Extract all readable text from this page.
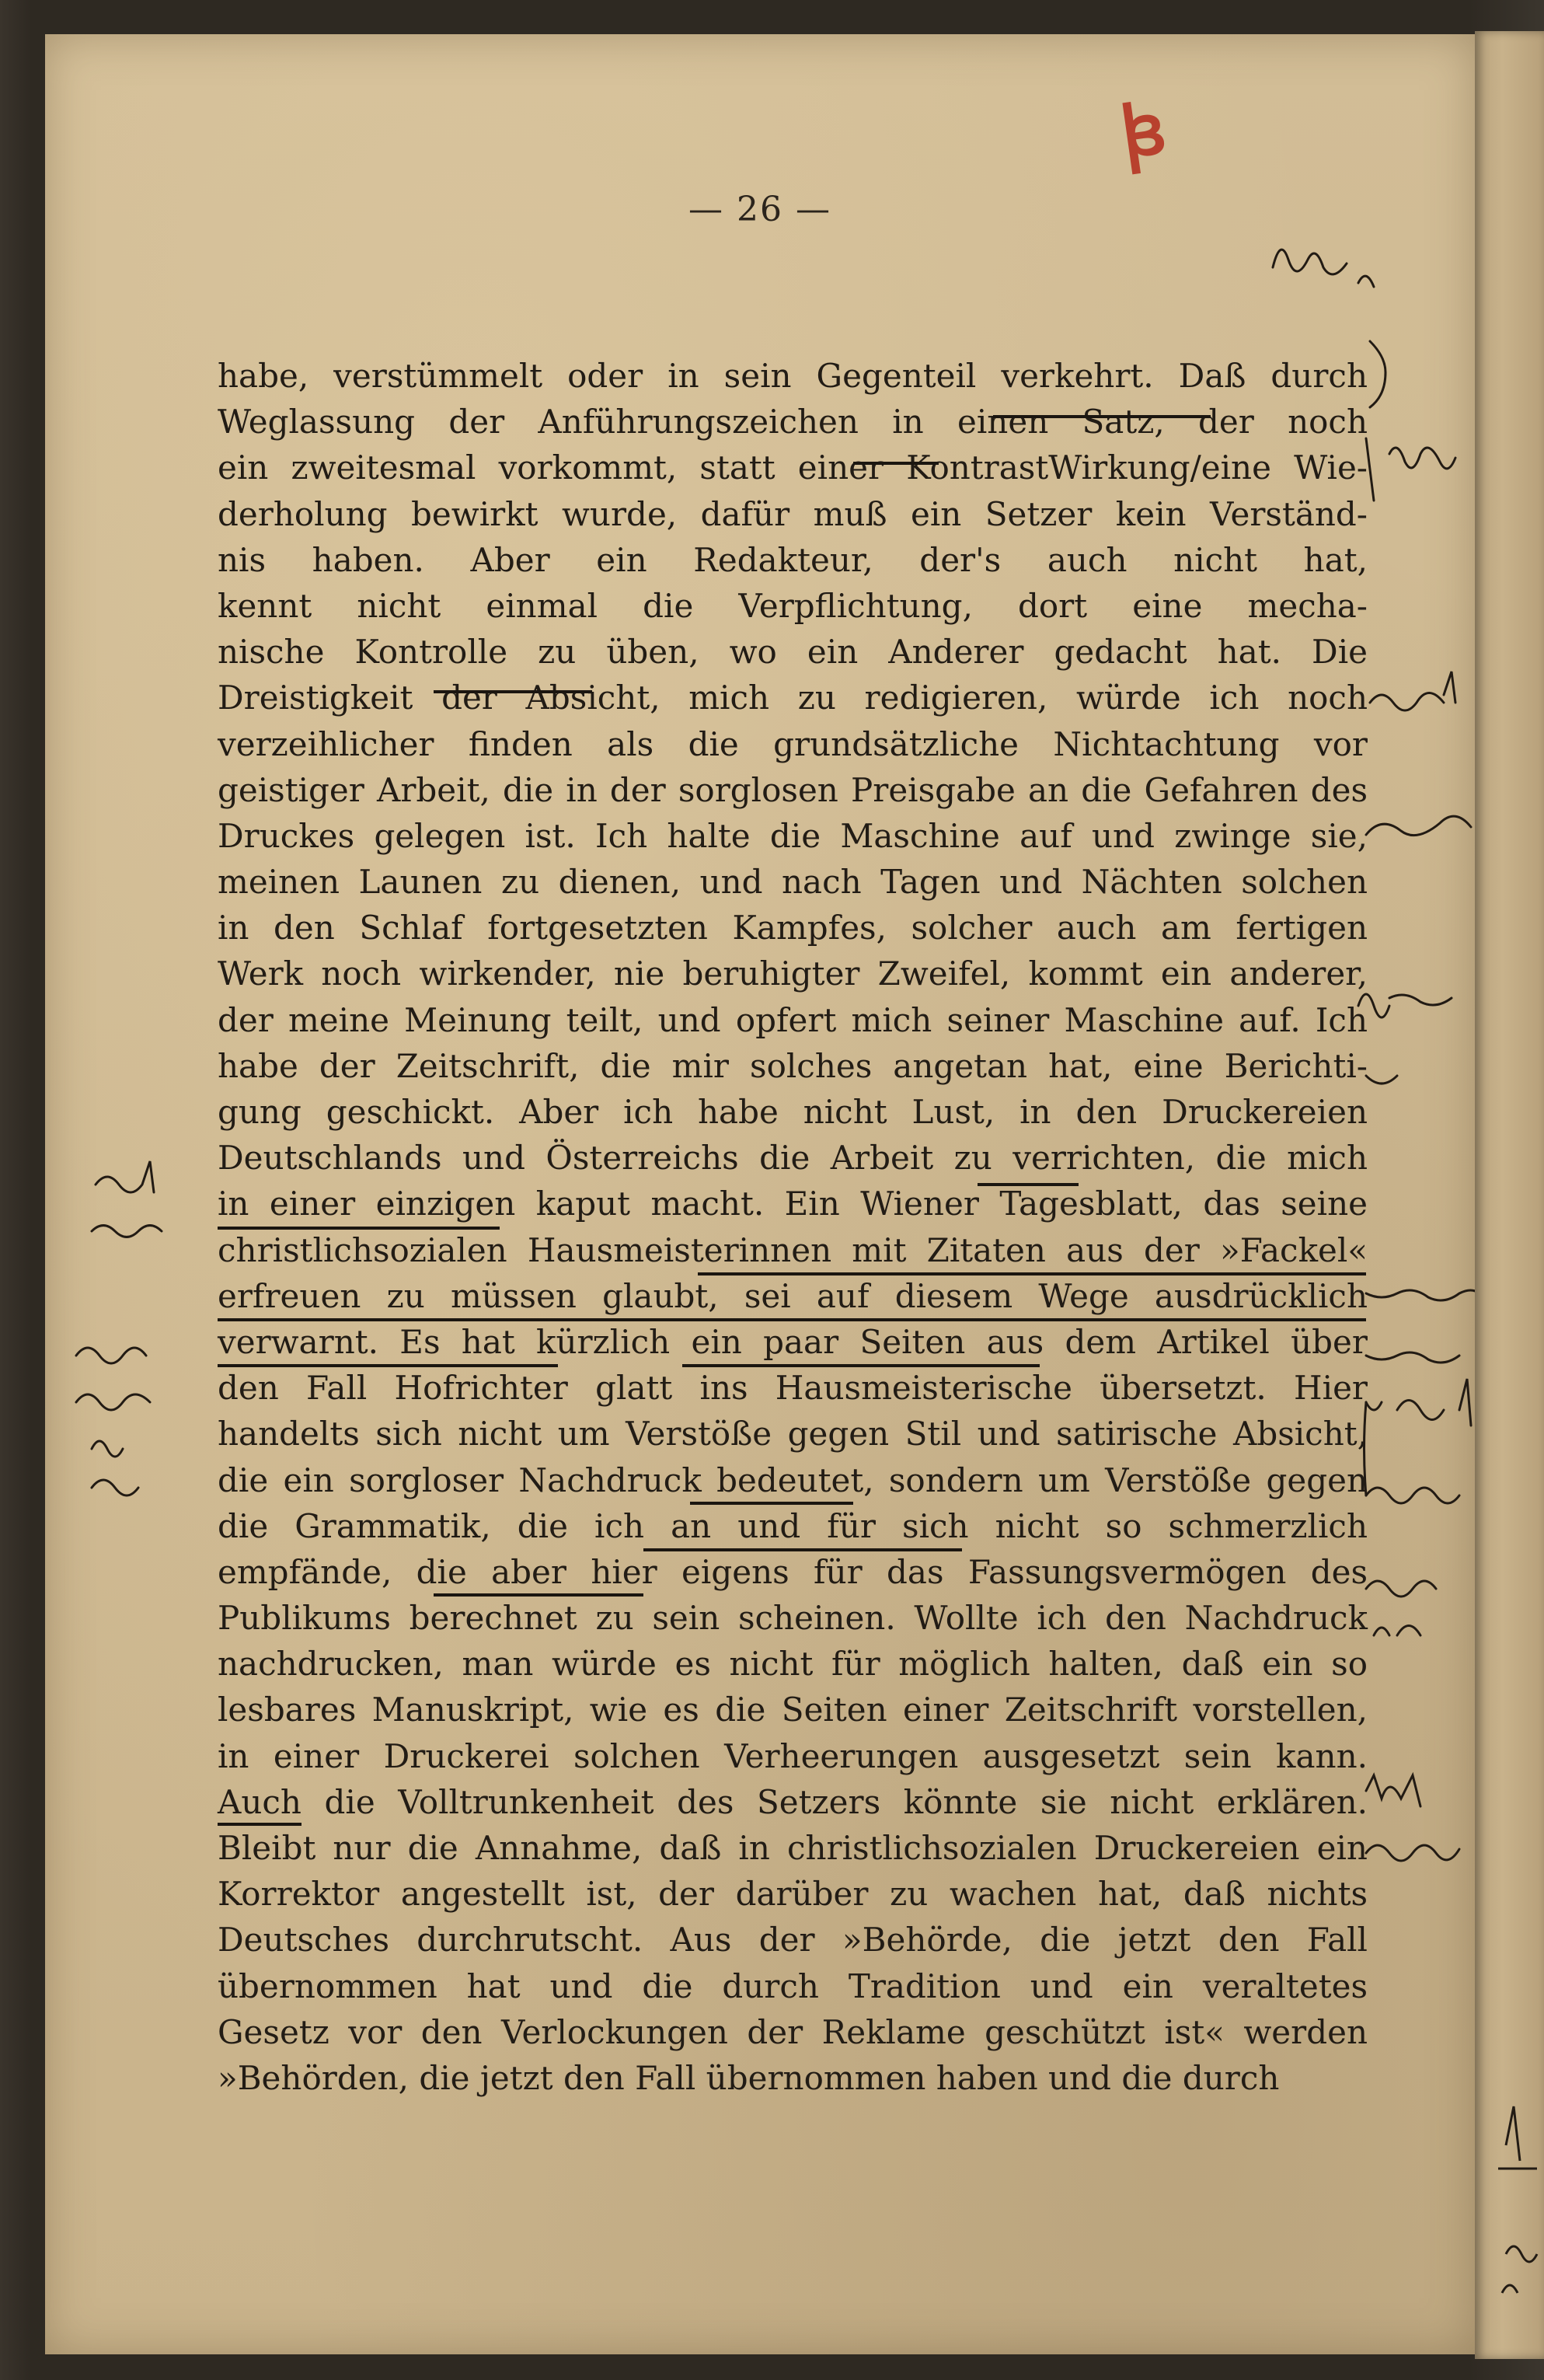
ꟓ
— 26 —
habe, verstümmelt oder in sein Gegenteil verkehrt. Daß durch
Weglassung der Anführungszeichen in einen Satz, der noch
ein zweitesmal vorkommt, statt einer KontrastWirkung/eine Wie-
derholung bewirkt wurde, dafür muß ein Setzer kein Verständ-
nis haben. Aber ein Redakteur, der's auch nicht hat,
kennt nicht einmal die Verpflichtung, dort eine mecha-
nische Kontrolle zu üben, wo ein Anderer gedacht hat. Die
Dreistigkeit der Absicht, mich zu redigieren, würde ich noch
verzeihlicher finden als die grundsätzliche Nichtachtung vor
geistiger Arbeit, die in der sorglosen Preisgabe an die Gefahren des
Druckes gelegen ist. Ich halte die Maschine auf und zwinge sie,
meinen Launen zu dienen, und nach Tagen und Nächten solchen
in den Schlaf fortgesetzten Kampfes, solcher auch am fertigen
Werk noch wirkender, nie beruhigter Zweifel, kommt ein anderer,
der meine Meinung teilt, und opfert mich seiner Maschine auf. Ich
habe der Zeitschrift, die mir solches angetan hat, eine Berichti-
gung geschickt. Aber ich habe nicht Lust, in den Druckereien
Deutschlands und Österreichs die Arbeit zu verrichten, die mich
in einer einzigen kaput macht. Ein Wiener Tagesblatt, das seine
christlichsozialen Hausmeisterinnen mit Zitaten aus der »Fackel«
erfreuen zu müssen glaubt, sei auf diesem Wege ausdrücklich
verwarnt. Es hat kürzlich ein paar Seiten aus dem Artikel über
den Fall Hofrichter glatt ins Hausmeisterische übersetzt. Hier
handelts sich nicht um Verstöße gegen Stil und satirische Absicht,
die ein sorgloser Nachdruck bedeutet, sondern um Verstöße gegen
die Grammatik, die ich an und für sich nicht so schmerzlich
empfände, die aber hier eigens für das Fassungsvermögen des
Publikums berechnet zu sein scheinen. Wollte ich den Nachdruck
nachdrucken, man würde es nicht für möglich halten, daß ein so
lesbares Manuskript, wie es die Seiten einer Zeitschrift vorstellen,
in einer Druckerei solchen Verheerungen ausgesetzt sein kann.
Auch die Volltrunkenheit des Setzers könnte sie nicht erklären.
Bleibt nur die Annahme, daß in christlichsozialen Druckereien ein
Korrektor angestellt ist, der darüber zu wachen hat, daß nichts
Deutsches durchrutscht. Aus der »Behörde, die jetzt den Fall
übernommen hat und die durch Tradition und ein veraltetes
Gesetz vor den Verlockungen der Reklame geschützt ist« werden
»Behörden, die jetzt den Fall übernommen haben und die durch
